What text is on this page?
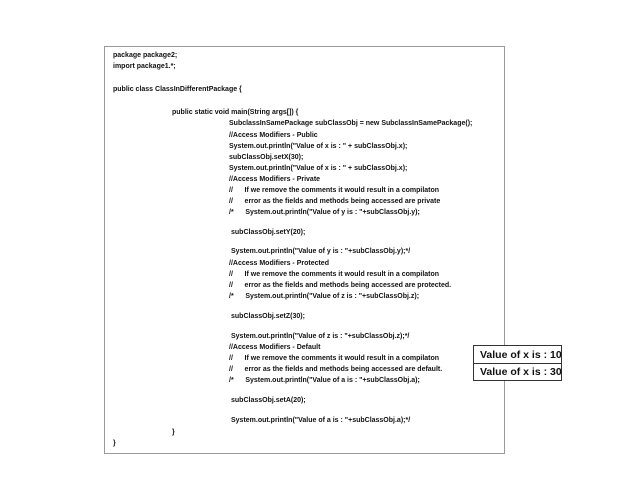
package package2;
import package1.*;
public class ClassInDifferentPackage {
public static void main(String args[]) {
SubclassInSamePackage subClassObj = new SubclassInSamePackage();
//Access Modifiers - Public
System.out.println("Value of x is : " + subClassObj.x);
subClassObj.setX(30);
System.out.println("Value of x is : " + subClassObj.x);
//Access Modifiers - Private
//      If we remove the comments it would result in a compilaton
//      error as the fields and methods being accessed are private
/*      System.out.println("Value of y is : "+subClassObj.y);
subClassObj.setY(20);
System.out.println("Value of y is : "+subClassObj.y);*/
//Access Modifiers - Protected
//      If we remove the comments it would result in a compilaton
//      error as the fields and methods being accessed are protected.
/*      System.out.println("Value of z is : "+subClassObj.z);
subClassObj.setZ(30);
System.out.println("Value of z is : "+subClassObj.z);*/
//Access Modifiers - Default
//      If we remove the comments it would result in a compilaton
//      error as the fields and methods being accessed are default.
/*      System.out.println("Value of a is : "+subClassObj.a);
subClassObj.setA(20);
System.out.println("Value of a is : "+subClassObj.a);*/
}
}
Value of x is : 10
Value of x is : 30
